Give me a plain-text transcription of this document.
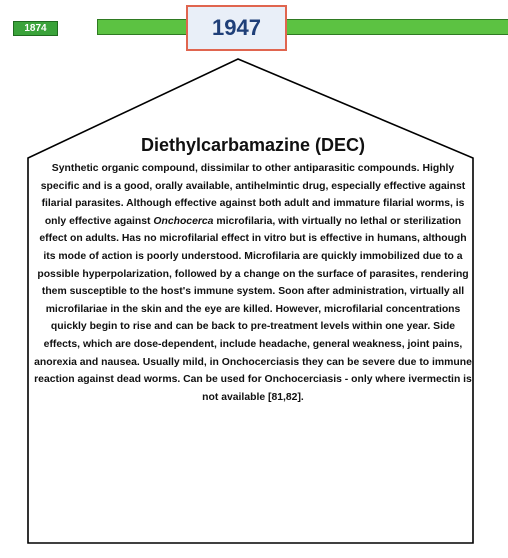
1874	1947
Diethylcarbamazine (DEC)

Synthetic organic compound, dissimilar to other antiparasitic compounds. Highly specific and is a good, orally available, antihelmintic drug, especially effective against filarial parasites. Although effective against both adult and immature filarial worms, is only effective against Onchocerca microfilaria, with virtually no lethal or sterilization effect on adults. Has no microfilarial effect in vitro but is effective in humans, although its mode of action is poorly understood. Microfilaria are quickly immobilized due to a possible hyperpolarization, followed by a change on the surface of parasites, rendering them susceptible to the host's immune system. Soon after administration, virtually all microfilariae in the skin and the eye are killed. However, microfilarial concentrations quickly begin to rise and can be back to pre-treatment levels within one year. Side effects, which are dose-dependent, include headache, general weakness, joint pains, anorexia and nausea. Usually mild, in Onchocerciasis they can be severe due to immune reaction against dead worms. Can be used for Onchocerciasis - only where ivermectin is not available [81,82].
